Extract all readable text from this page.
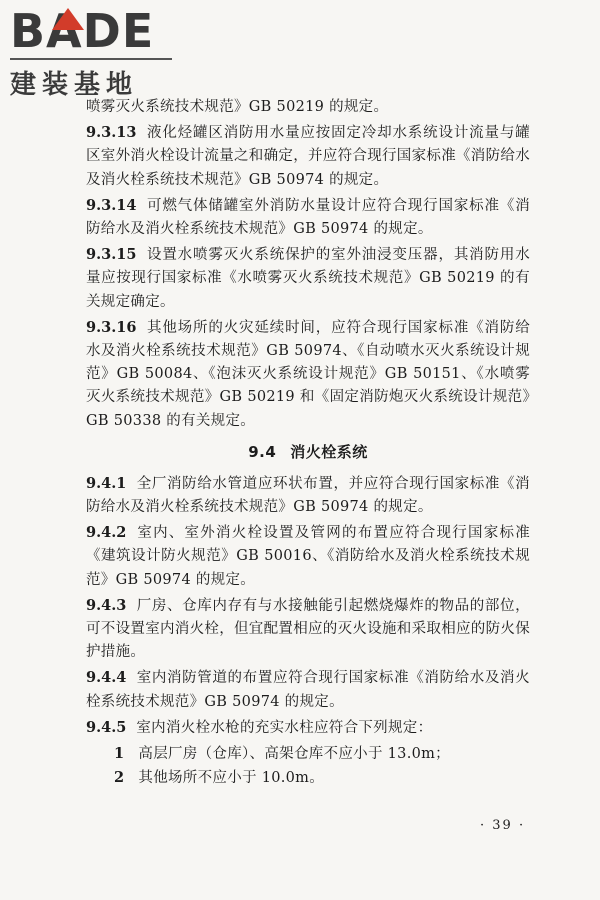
BADE
建装基地

喷雾灭火系统技术规范》GB 50219 的规定。

9.3.13 液化烃罐区消防用水量应按固定冷却水系统设计流量与罐区室外消火栓设计流量之和确定，并应符合现行国家标准《消防给水及消火栓系统技术规范》GB 50974 的规定。

9.3.14 可燃气体储罐室外消防水量设计应符合现行国家标准《消防给水及消火栓系统技术规范》GB 50974 的规定。

9.3.15 设置水喷雾灭火系统保护的室外油浸变压器，其消防用水量应按现行国家标准《水喷雾灭火系统技术规范》GB 50219 的有关规定确定。

9.3.16 其他场所的火灾延续时间，应符合现行国家标准《消防给水及消火栓系统技术规范》GB 50974、《自动喷水灭火系统设计规范》GB 50084、《泡沫灭火系统设计规范》GB 50151、《水喷雾灭火系统技术规范》GB 50219 和《固定消防炮灭火系统设计规范》GB 50338 的有关规定。

9.4 消火栓系统

9.4.1 全厂消防给水管道应环状布置，并应符合现行国家标准《消防给水及消火栓系统技术规范》GB 50974 的规定。

9.4.2 室内、室外消火栓设置及管网的布置应符合现行国家标准《建筑设计防火规范》GB 50016、《消防给水及消火栓系统技术规范》GB 50974 的规定。

9.4.3 厂房、仓库内存有与水接触能引起燃烧爆炸的物品的部位，可不设置室内消火栓，但宜配置相应的灭火设施和采取相应的防火保护措施。

9.4.4 室内消防管道的布置应符合现行国家标准《消防给水及消火栓系统技术规范》GB 50974 的规定。

9.4.5 室内消火栓水枪的充实水柱应符合下列规定：

1 高层厂房（仓库）、高架仓库不应小于 13.0m；
2 其他场所不应小于 10.0m。
· 39 ·
